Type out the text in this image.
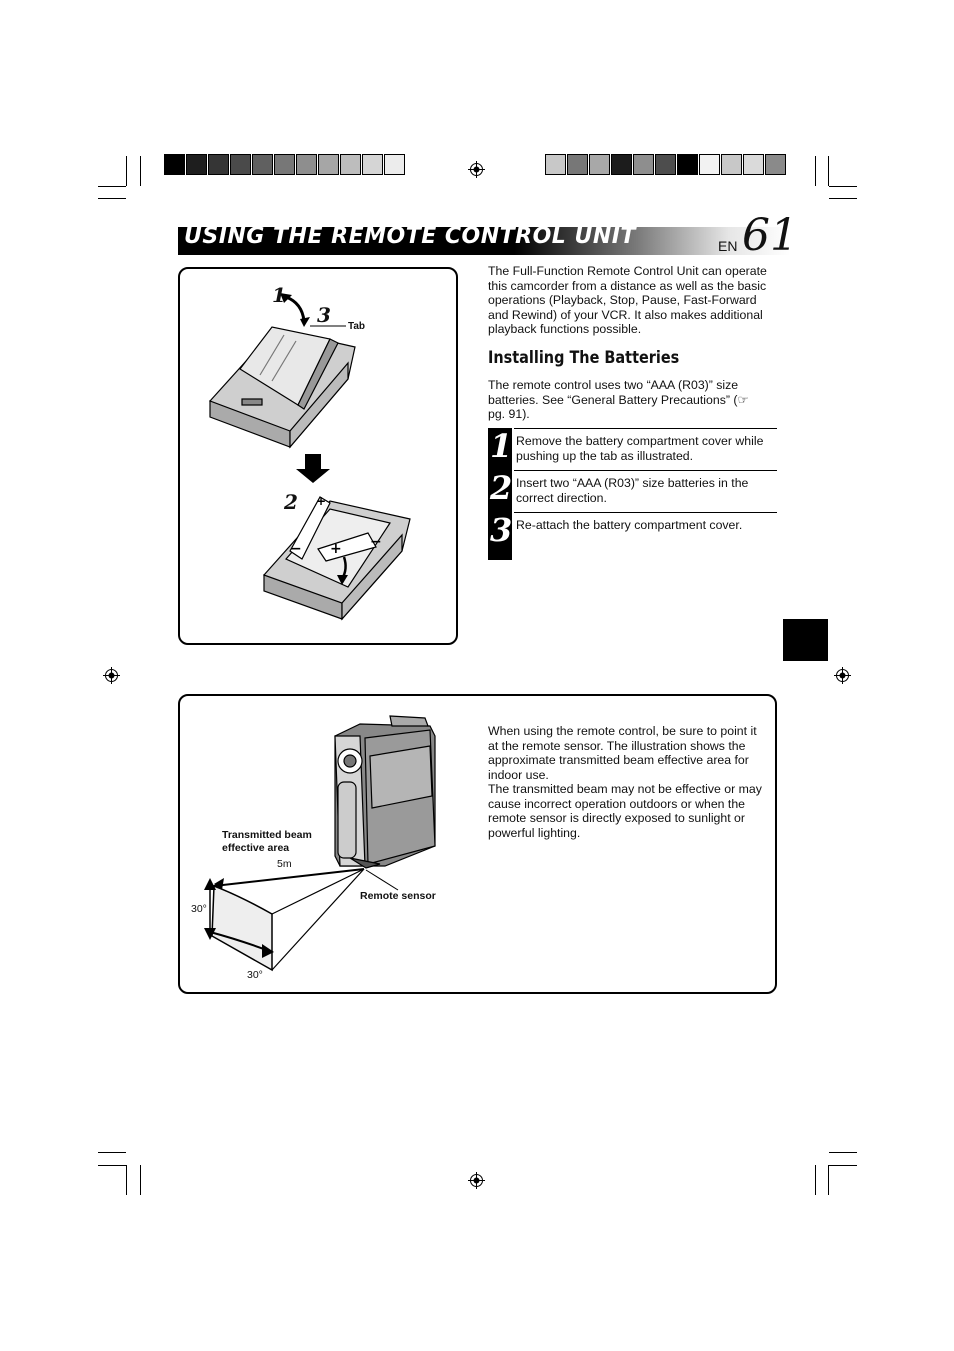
USING THE REMOTE CONTROL UNIT	EN 61
−
+
+ −
1
3
2
Tab
The Full-Function Remote Control Unit can operate this camcorder from a distance as well as the basic operations (Playback, Stop, Pause, Fast-Forward and Rewind) of your VCR. It also makes additional playback functions possible.
Installing The Batteries
The remote control uses two “AAA (R03)” size batteries. See “General Battery Precautions” (☞ pg. 91).
1
2
3
Remove the battery compartment cover while pushing up the tab as illustrated.
Insert two “AAA (R03)” size batteries in the correct direction.
Re-attach the battery compartment cover.
Transmitted beam effective area
5m
30°
30°
Remote sensor
When using the remote control, be sure to point it at the remote sensor. The illustration shows the approximate transmitted beam effective area for indoor use.
The transmitted beam may not be effective or may cause incorrect operation outdoors or when the remote sensor is directly exposed to sunlight or powerful lighting.
